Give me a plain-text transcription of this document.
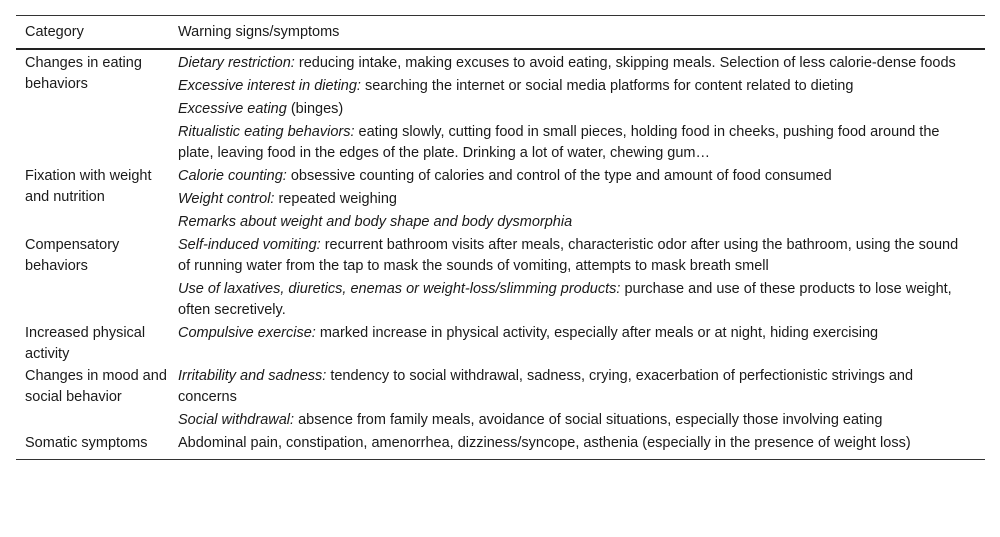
Category	Warning signs/symptoms
Changes in eating behaviors
Dietary restriction: reducing intake, making excuses to avoid eating, skipping meals. Selection of less calorie-dense foods
Excessive interest in dieting: searching the internet or social media platforms for content related to dieting
Excessive eating (binges)
Ritualistic eating behaviors: eating slowly, cutting food in small pieces, holding food in cheeks, pushing food around the plate, leaving food in the edges of the plate. Drinking a lot of water, chewing gum…
Fixation with weight and nutrition
Calorie counting: obsessive counting of calories and control of the type and amount of food consumed
Weight control: repeated weighing
Remarks about weight and body shape and body dysmorphia
Compensatory behaviors
Self-induced vomiting: recurrent bathroom visits after meals, characteristic odor after using the bathroom, using the sound of running water from the tap to mask the sounds of vomiting, attempts to mask breath smell
Use of laxatives, diuretics, enemas or weight-loss/slimming products: purchase and use of these products to lose weight, often secretively.
Increased physical activity
Compulsive exercise: marked increase in physical activity, especially after meals or at night, hiding exercising
Changes in mood and social behavior
Irritability and sadness: tendency to social withdrawal, sadness, crying, exacerbation of perfectionistic strivings and concerns
Social withdrawal: absence from family meals, avoidance of social situations, especially those involving eating
Somatic symptoms	Abdominal pain, constipation, amenorrhea, dizziness/syncope, asthenia (especially in the presence of weight loss)
